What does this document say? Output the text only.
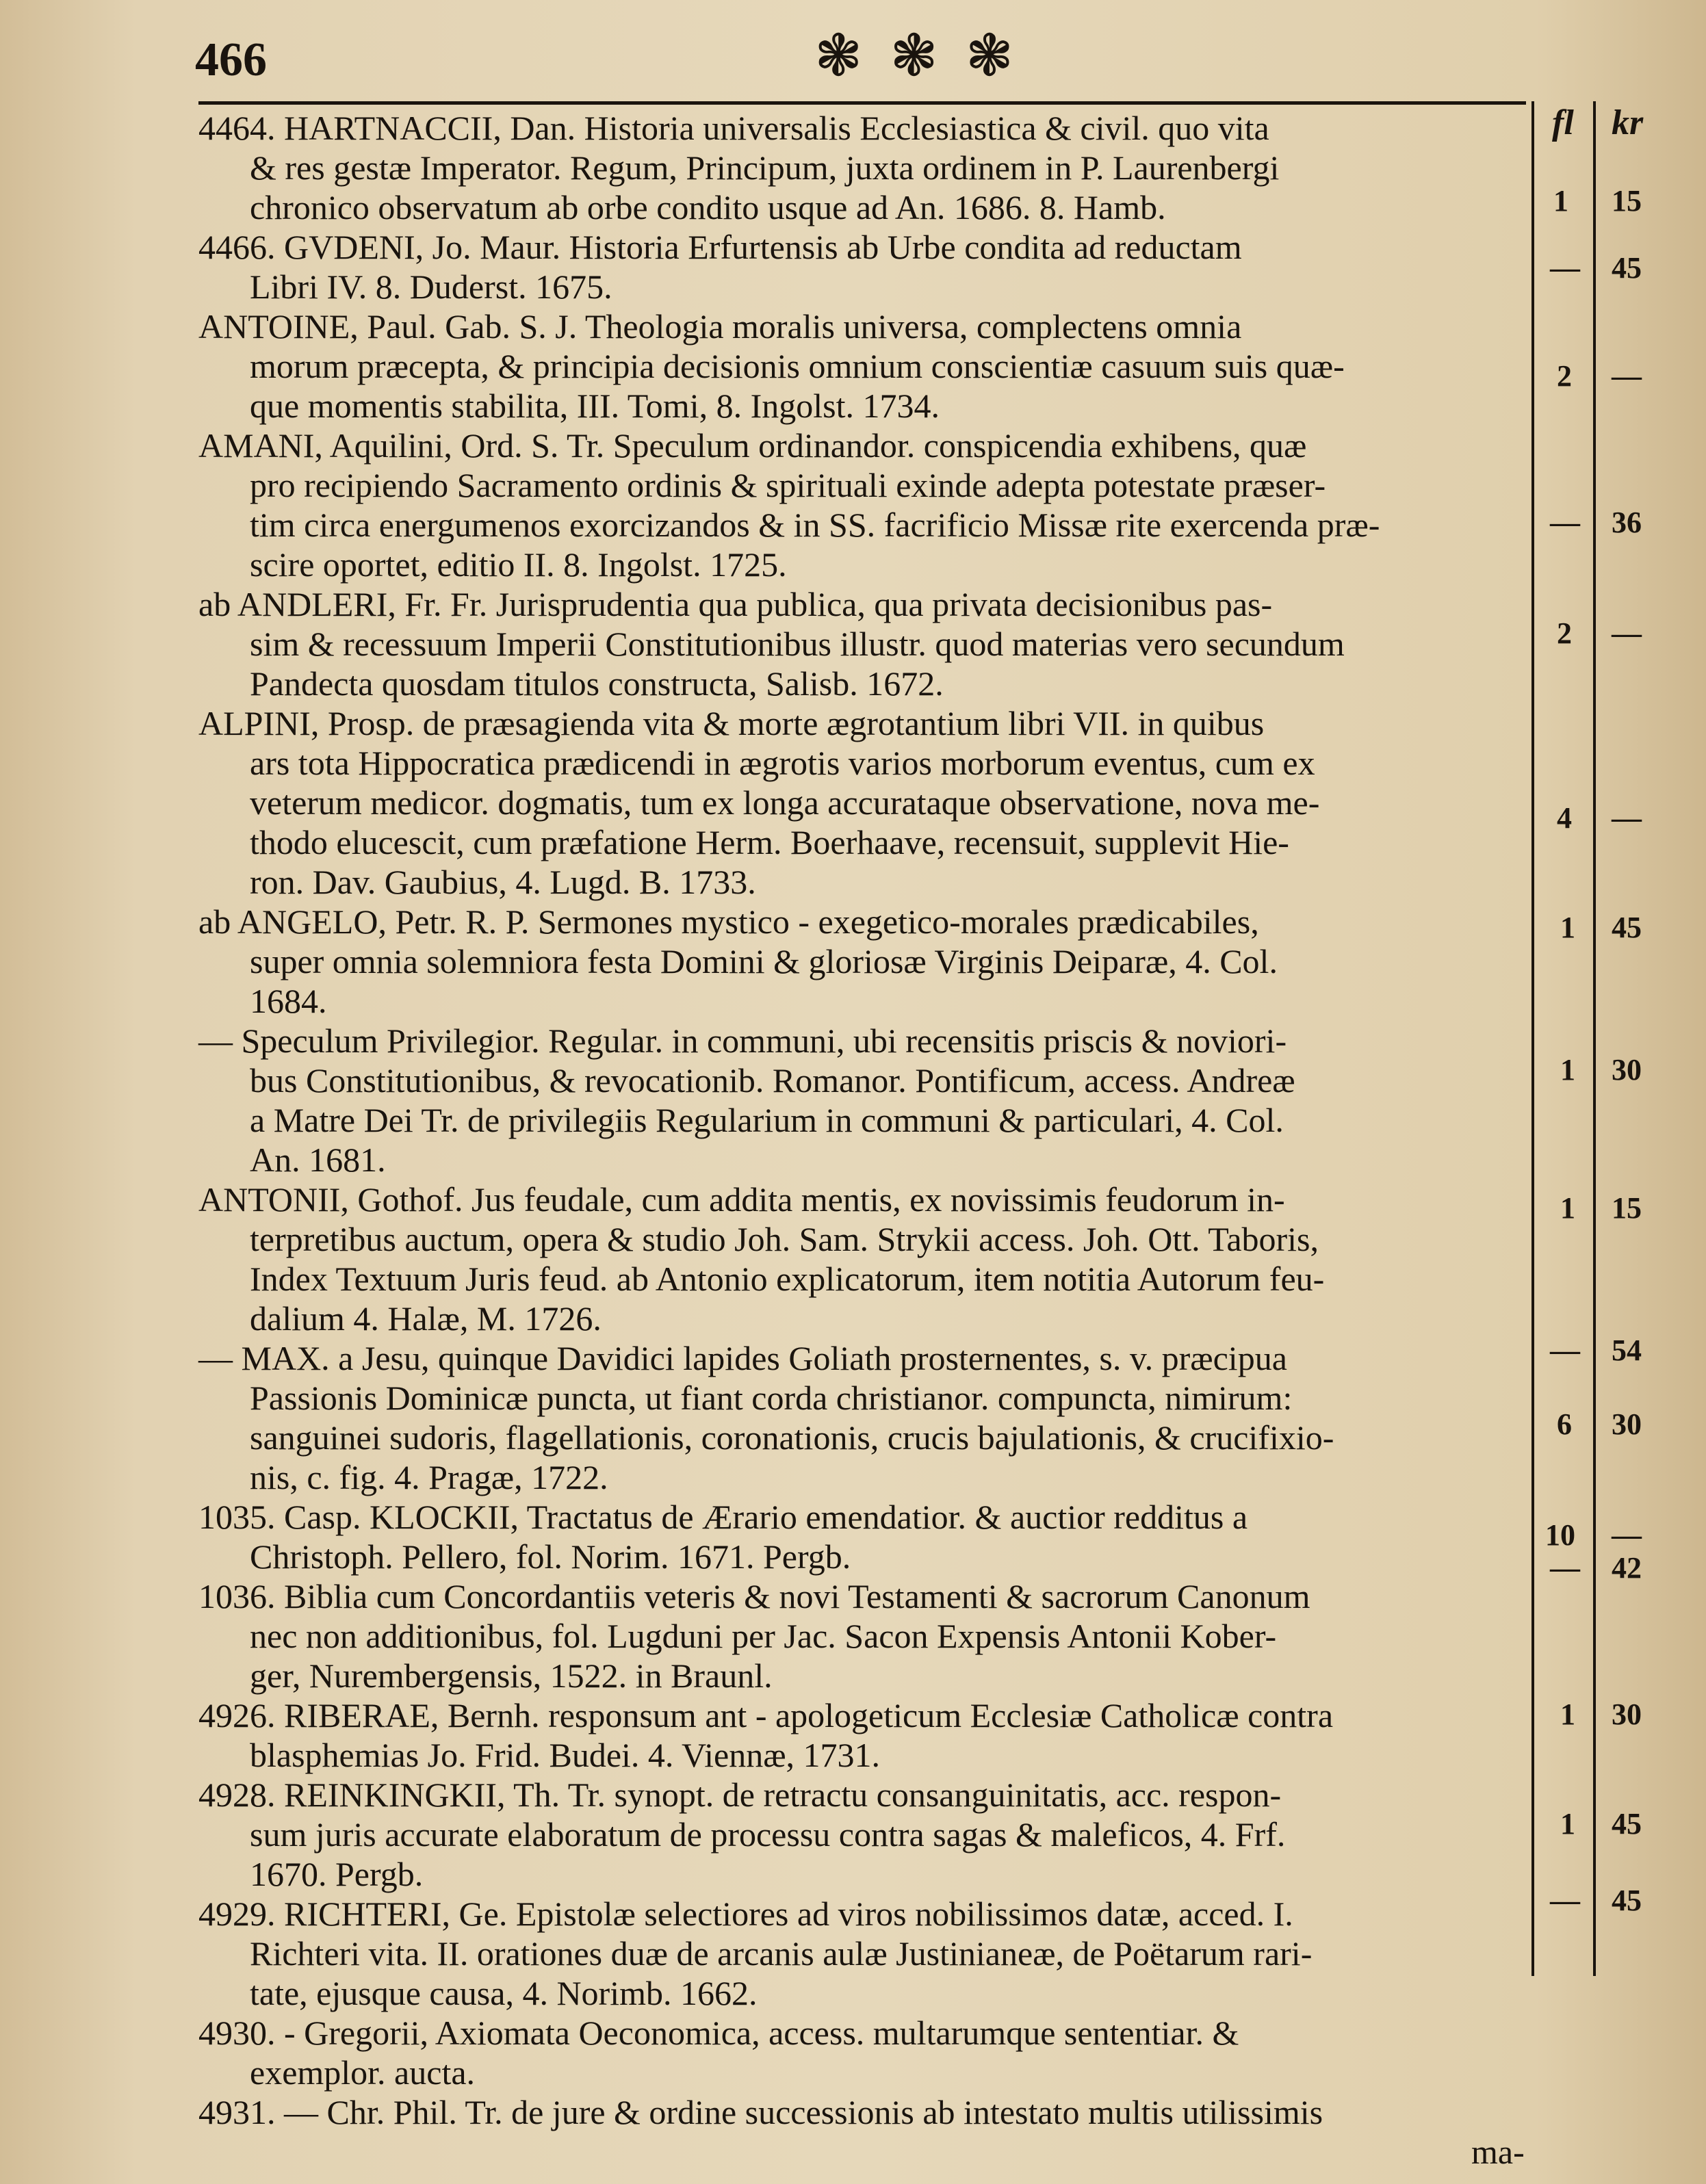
466	❃❃❃
fl kr
4464. HARTNACCII, Dan. Historia universalis Ecclesiastica & civil. quo vita
& res gestæ Imperator. Regum, Principum, juxta ordinem in P. Laurenbergi
chronico observatum ab orbe condito usque ad An. 1686. 8. Hamb.
4466. GVDENI, Jo. Maur. Historia Erfurtensis ab Urbe condita ad reductam
Libri IV. 8. Duderst. 1675.
ANTOINE, Paul. Gab. S. J. Theologia moralis universa, complectens omnia
morum præcepta, & principia decisionis omnium conscientiæ casuum suis quæ-
que momentis stabilita, III. Tomi, 8. Ingolst. 1734.
AMANI, Aquilini, Ord. S. Tr. Speculum ordinandor. conspicendia exhibens, quæ
pro recipiendo Sacramento ordinis & spirituali exinde adepta potestate præser-
tim circa energumenos exorcizandos & in SS. facrificio Missæ rite exercenda præ-
scire oportet, editio II. 8. Ingolst. 1725.
ab ANDLERI, Fr. Fr. Jurisprudentia qua publica, qua privata decisionibus pas-
sim & recessuum Imperii Constitutionibus illustr. quod materias vero secundum
Pandecta quosdam titulos constructa, Salisb. 1672.
ALPINI, Prosp. de præsagienda vita & morte ægrotantium libri VII. in quibus
ars tota Hippocratica prædicendi in ægrotis varios morborum eventus, cum ex
veterum medicor. dogmatis, tum ex longa accurataque observatione, nova me-
thodo elucescit, cum præfatione Herm. Boerhaave, recensuit, supplevit Hie-
ron. Dav. Gaubius, 4. Lugd. B. 1733.
ab ANGELO, Petr. R. P. Sermones mystico - exegetico-morales prædicabiles,
super omnia solemniora festa Domini & gloriosæ Virginis Deiparæ, 4. Col.
1684.
— Speculum Privilegior. Regular. in communi, ubi recensitis priscis & noviori-
bus Constitutionibus, & revocationib. Romanor. Pontificum, access. Andreæ
a Matre Dei Tr. de privilegiis Regularium in communi & particulari, 4. Col.
An. 1681.
ANTONII, Gothof. Jus feudale, cum addita mentis, ex novissimis feudorum in-
terpretibus auctum, opera & studio Joh. Sam. Strykii access. Joh. Ott. Taboris,
Index Textuum Juris feud. ab Antonio explicatorum, item notitia Autorum feu-
dalium 4. Halæ, M. 1726.
— MAX. a Jesu, quinque Davidici lapides Goliath prosternentes, s. v. præcipua
Passionis Dominicæ puncta, ut fiant corda christianor. compuncta, nimirum:
sanguinei sudoris, flagellationis, coronationis, crucis bajulationis, & crucifixio-
nis, c. fig. 4. Pragæ, 1722.
1035. Casp. KLOCKII, Tractatus de Ærario emendatior. & auctior redditus a
Christoph. Pellero, fol. Norim. 1671. Pergb.
1036. Biblia cum Concordantiis veteris & novi Testamenti & sacrorum Canonum
nec non additionibus, fol. Lugduni per Jac. Sacon Expensis Antonii Kober-
ger, Nurembergensis, 1522. in Braunl.
4926. RIBERAE, Bernh. responsum ant - apologeticum Ecclesiæ Catholicæ contra
blasphemias Jo. Frid. Budei. 4. Viennæ, 1731.
4928. REINKINGKII, Th. Tr. synopt. de retractu consanguinitatis, acc. respon-
sum juris accurate elaboratum de processu contra sagas & maleficos, 4. Frf.
1670. Pergb.
4929. RICHTERI, Ge. Epistolæ selectiores ad viros nobilissimos datæ, acced. I.
Richteri vita. II. orationes duæ de arcanis aulæ Justinianeæ, de Poëtarum rari-
tate, ejusque causa, 4. Norimb. 1662.
4930. - Gregorii, Axiomata Oeconomica, access. multarumque sententiar. &
exemplor. aucta.
4931. — Chr. Phil. Tr. de jure & ordine successionis ab intestato multis utilissimis
ma-
1 15
— 45
2 —
— 36
2 —
4 —
1 45
1 30
1 15
— 54
6 30
10 —
— 42
1 30
1 45
— 45
